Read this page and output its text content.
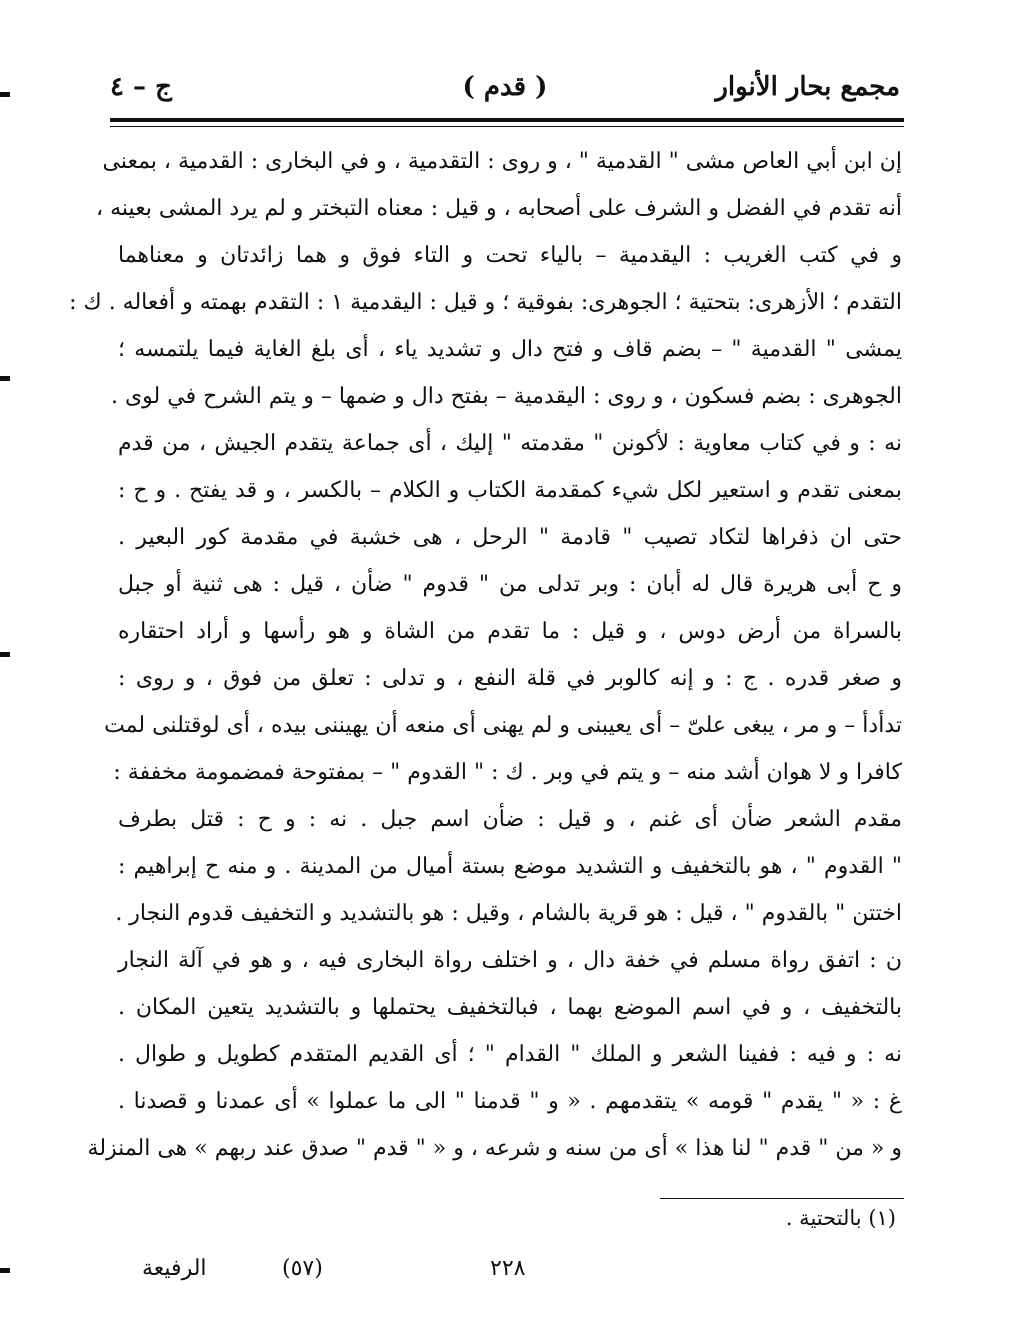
مجمع بحار الأنوار
( قدم )
ج – ٤
إن ابن أبي العاص مشى " القدمية " ، و روى : التقدمية ، و في البخارى : القدمية ، بمعنى
أنه تقدم في الفضل و الشرف على أصحابه ، و قيل : معناه التبختر و لم يرد المشى بعينه ،
و في كتب الغريب : اليقدمية – بالياء تحت و التاء فوق و هما زائدتان و معناهما
التقدم ؛ الأزهرى: بتحتية ؛ الجوهرى: بفوقية ؛ و قيل : اليقدمية ١ : التقدم بهمته و أفعاله . ك :
يمشى " القدمية " – بضم قاف و فتح دال و تشديد ياء ، أى بلغ الغاية فيما يلتمسه ؛
الجوهرى : بضم فسكون ، و روى : اليقدمية – بفتح دال و ضمها – و يتم الشرح في لوى .
نه : و في كتاب معاوية : لأكونن " مقدمته " إليك ، أى جماعة يتقدم الجيش ، من قدم
بمعنى تقدم و استعير لكل شيء كمقدمة الكتاب و الكلام – بالكسر ، و قد يفتح . و ح :
حتى ان ذفراها لتكاد تصيب " قادمة " الرحل ، هى خشبة في مقدمة كور البعير .
و ح أبى هريرة قال له أبان : وبر تدلى من " قدوم " ضأن ، قيل : هى ثنية أو جبل
بالسراة من أرض دوس ، و قيل : ما تقدم من الشاة و هو رأسها و أراد احتقاره
و صغر قدره . ج : و إنه كالوبر في قلة النفع ، و تدلى : تعلق من فوق ، و روى :
تدأدأ – و مر ، يبغى علىّ – أى يعيبنى و لم يهنى أى منعه أن يهيننى بيده ، أى لوقتلنى لمت
كافرا و لا هوان أشد منه – و يتم في وبر . ك : " القدوم " – بمفتوحة فمضمومة مخففة :
مقدم الشعر ضأن أى غنم ، و قيل : ضأن اسم جبل . نه : و ح : قتل بطرف
" القدوم " ، هو بالتخفيف و التشديد موضع بستة أميال من المدينة . و منه ح إبراهيم :
اختتن " بالقدوم " ، قيل : هو قرية بالشام ، وقيل : هو بالتشديد و التخفيف قدوم النجار .
ن : اتفق رواة مسلم في خفة دال ، و اختلف رواة البخارى فيه ، و هو في آلة النجار
بالتخفيف ، و في اسم الموضع بهما ، فبالتخفيف يحتملها و بالتشديد يتعين المكان .
نه : و فيه : ففينا الشعر و الملك " القدام " ؛ أى القديم المتقدم كطويل و طوال .
غ : « " يقدم " قومه » يتقدمهم . « و " قدمنا " الى ما عملوا » أى عمدنا و قصدنا .
و « من " قدم " لنا هذا » أى من سنه و شرعه ، و « " قدم " صدق عند ربهم » هى المنزلة
(١) بالتحتية .
الرفيعة	(٥٧)	٢٢٨
